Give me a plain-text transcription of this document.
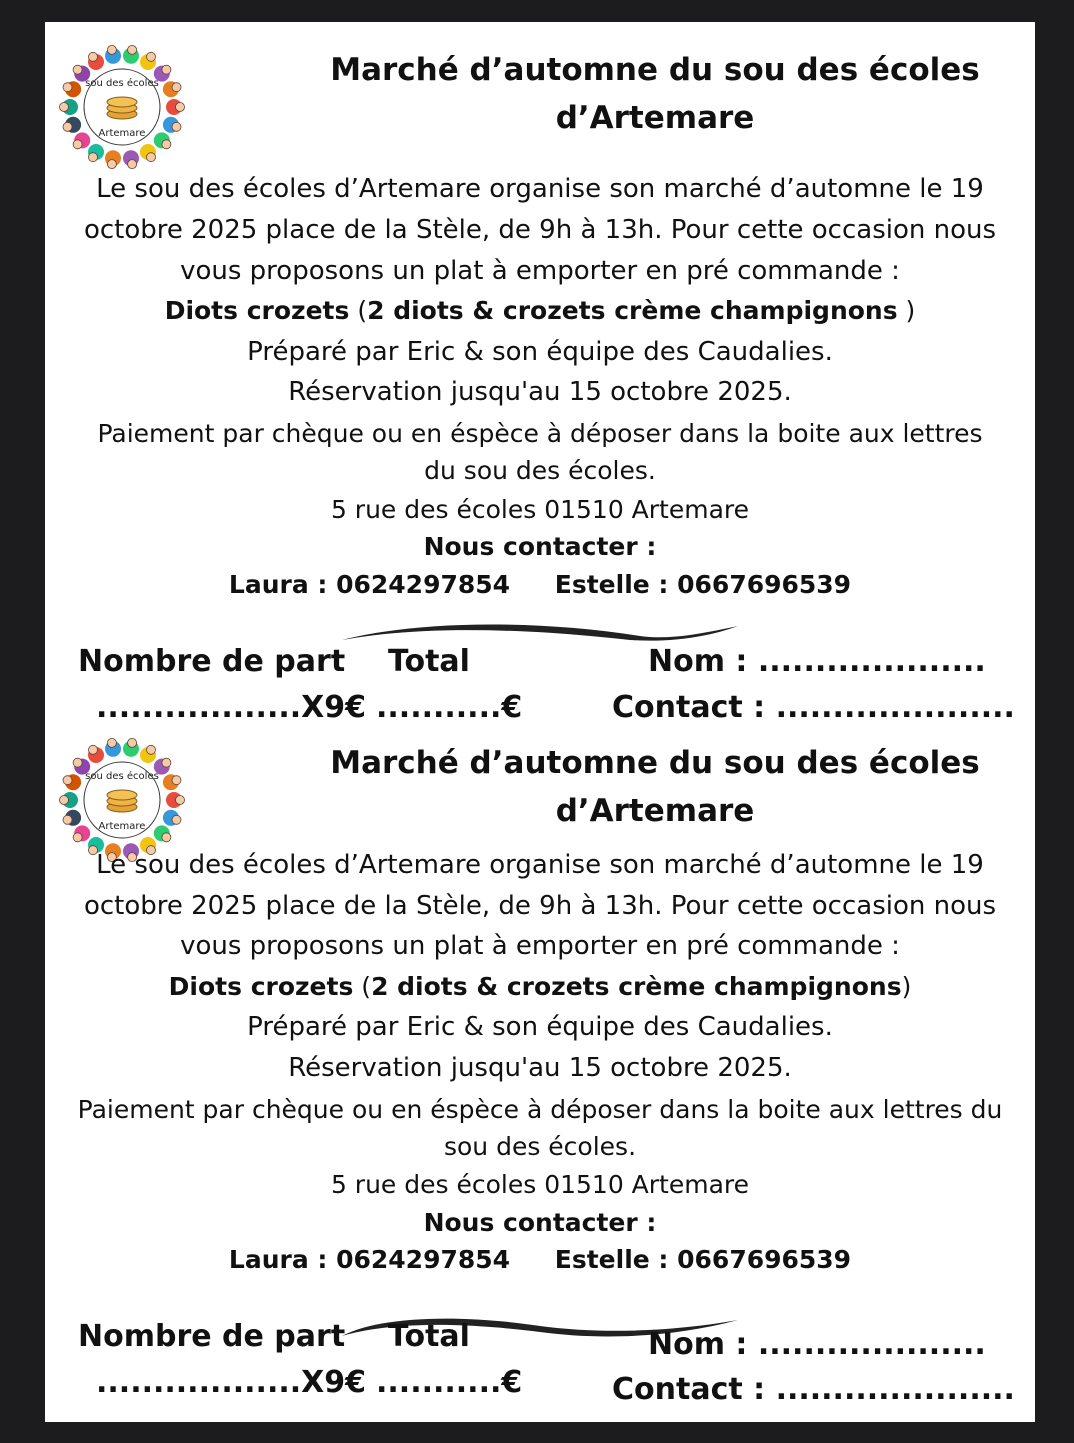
sou des écoles
Artemare
Marché d’automne du sou des écoles
d’Artemare
Le sou des écoles d’Artemare organise son marché d’automne le 19
octobre 2025 place de la Stèle, de 9h à 13h. Pour cette occasion nous
vous proposons un plat à emporter en pré commande :
Diots crozets (2 diots & crozets crème champignons )
Préparé par Eric & son équipe des Caudalies.
Réservation jusqu'au 15 octobre 2025.
Paiement par chèque ou en éspèce à déposer dans la boite aux lettres
du sou des écoles.
5 rue des écoles 01510 Artemare
Nous contacter :
Laura : 0624297854 Estelle : 0667696539
Nombre de part Total	Nom : ....................
..................X9€ ...........€	Contact : .....................
sou des écoles
Artemare
Marché d’automne du sou des écoles
d’Artemare
Le sou des écoles d’Artemare organise son marché d’automne le 19
octobre 2025 place de la Stèle, de 9h à 13h. Pour cette occasion nous
vous proposons un plat à emporter en pré commande :
Diots crozets (2 diots & crozets crème champignons)
Préparé par Eric & son équipe des Caudalies.
Réservation jusqu'au 15 octobre 2025.
Paiement par chèque ou en éspèce à déposer dans la boite aux lettres du
sou des écoles.
5 rue des écoles 01510 Artemare
Nous contacter :
Laura : 0624297854 Estelle : 0667696539
Nombre de part Total	Nom : ....................
..................X9€ ...........€	Contact : .....................
